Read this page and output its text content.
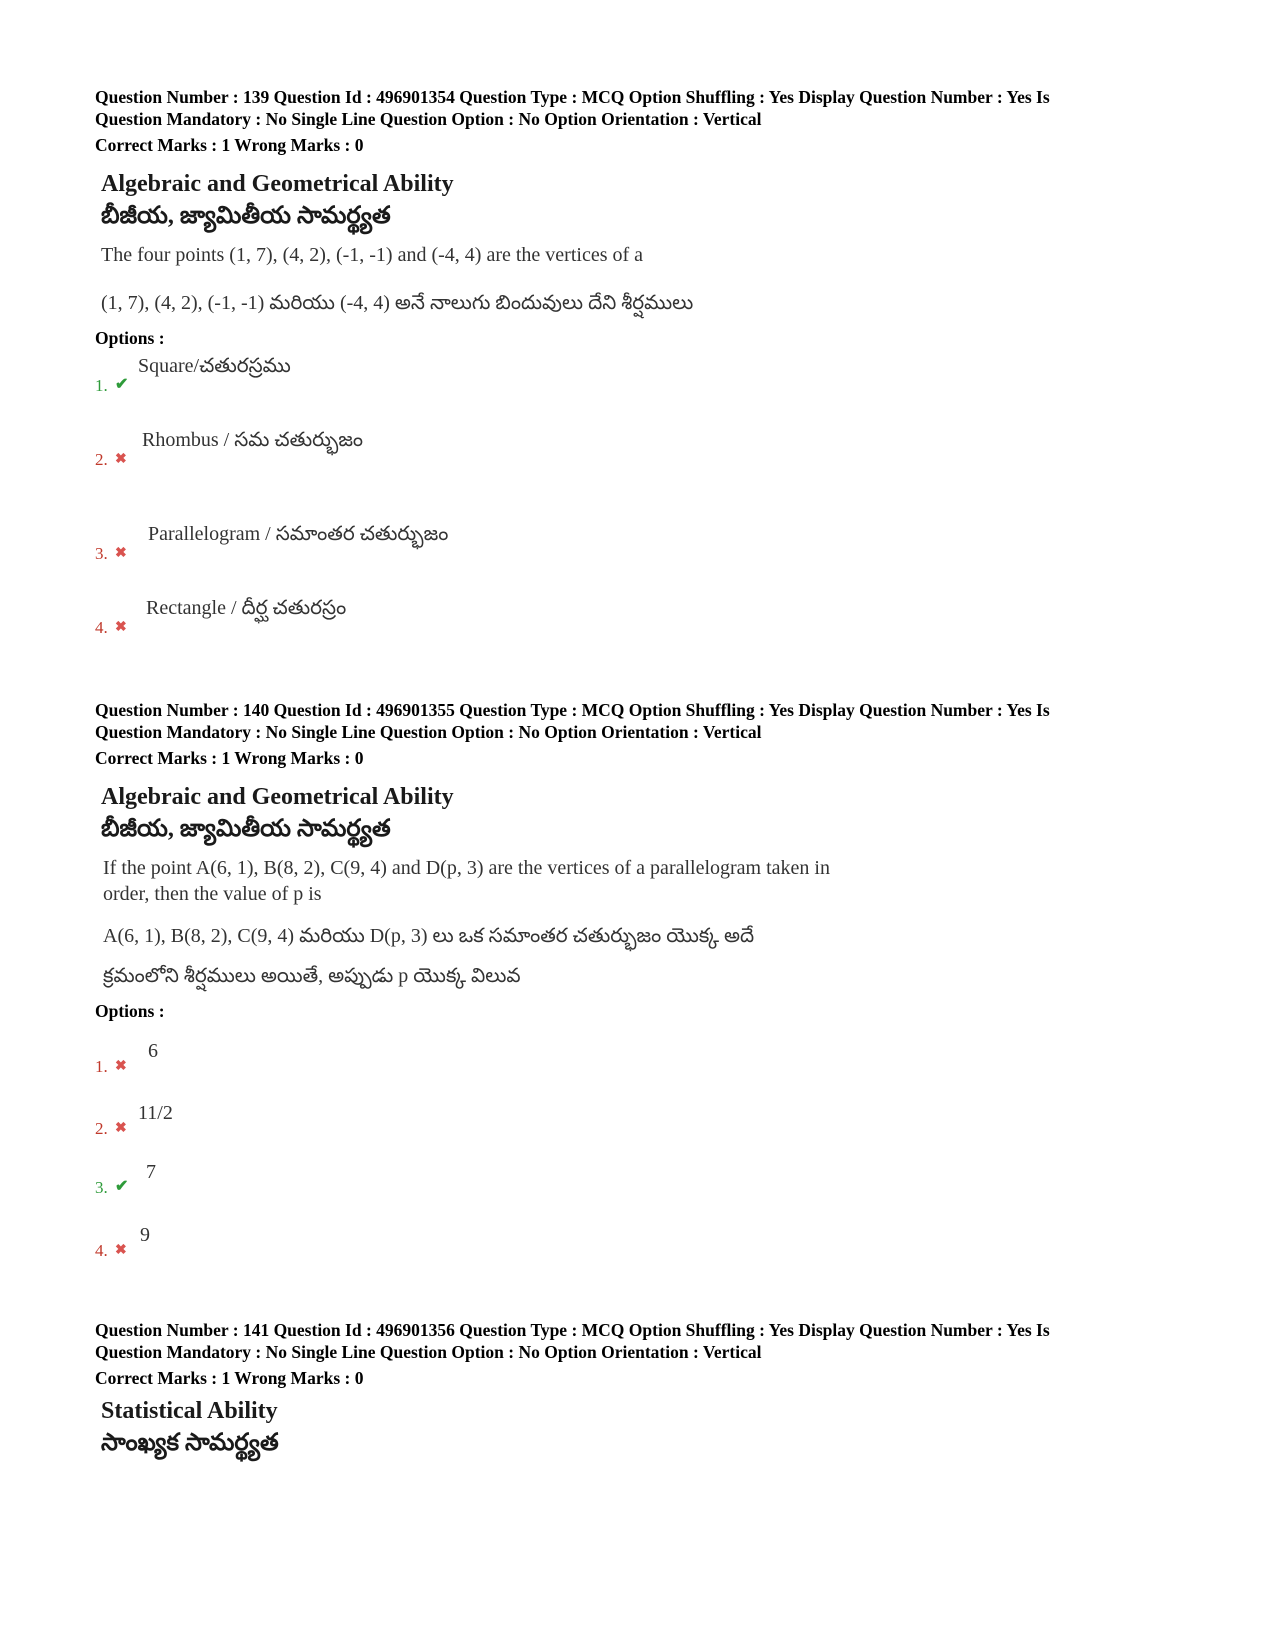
Question Number : 139 Question Id : 496901354 Question Type : MCQ Option Shuffling : Yes Display Question Number : Yes Is
Question Mandatory : No Single Line Question Option : No Option Orientation : Vertical
Correct Marks : 1 Wrong Marks : 0

Algebraic and Geometrical Ability
బీజీయ, జ్యామితీయ సామర్థ్యత

The four points (1, 7), (4, 2), (-1, -1) and (-4, 4) are the vertices of a

(1, 7), (4, 2), (-1, -1) మరియు (-4, 4) అనే నాలుగు బిందువులు దేని శీర్షములు

Options :

1. ✔
Square/చతురస్రము
2. ✖
Rhombus / సమ చతుర్భుజం
3. ✖
Parallelogram / సమాంతర చతుర్భుజం
4. ✖
Rectangle / దీర్ఘ చతురస్రం

Question Number : 140 Question Id : 496901355 Question Type : MCQ Option Shuffling : Yes Display Question Number : Yes Is
Question Mandatory : No Single Line Question Option : No Option Orientation : Vertical
Correct Marks : 1 Wrong Marks : 0

Algebraic and Geometrical Ability
బీజీయ, జ్యామితీయ సామర్థ్యత

If the point A(6, 1), B(8, 2), C(9, 4) and D(p, 3) are the vertices of a parallelogram taken in

order, then the value of p is

A(6, 1), B(8, 2), C(9, 4) మరియు D(p, 3) లు ఒక సమాంతర చతుర్భుజం యొక్క అదే

క్రమంలోని శీర్షములు అయితే, అప్పుడు p యొక్క విలువ

Options :

1. ✖
6
2. ✖
11/2
3. ✔
7
4. ✖
9

Question Number : 141 Question Id : 496901356 Question Type : MCQ Option Shuffling : Yes Display Question Number : Yes Is
Question Mandatory : No Single Line Question Option : No Option Orientation : Vertical
Correct Marks : 1 Wrong Marks : 0

Statistical Ability
సాంఖ్యక సామర్థ్యత
